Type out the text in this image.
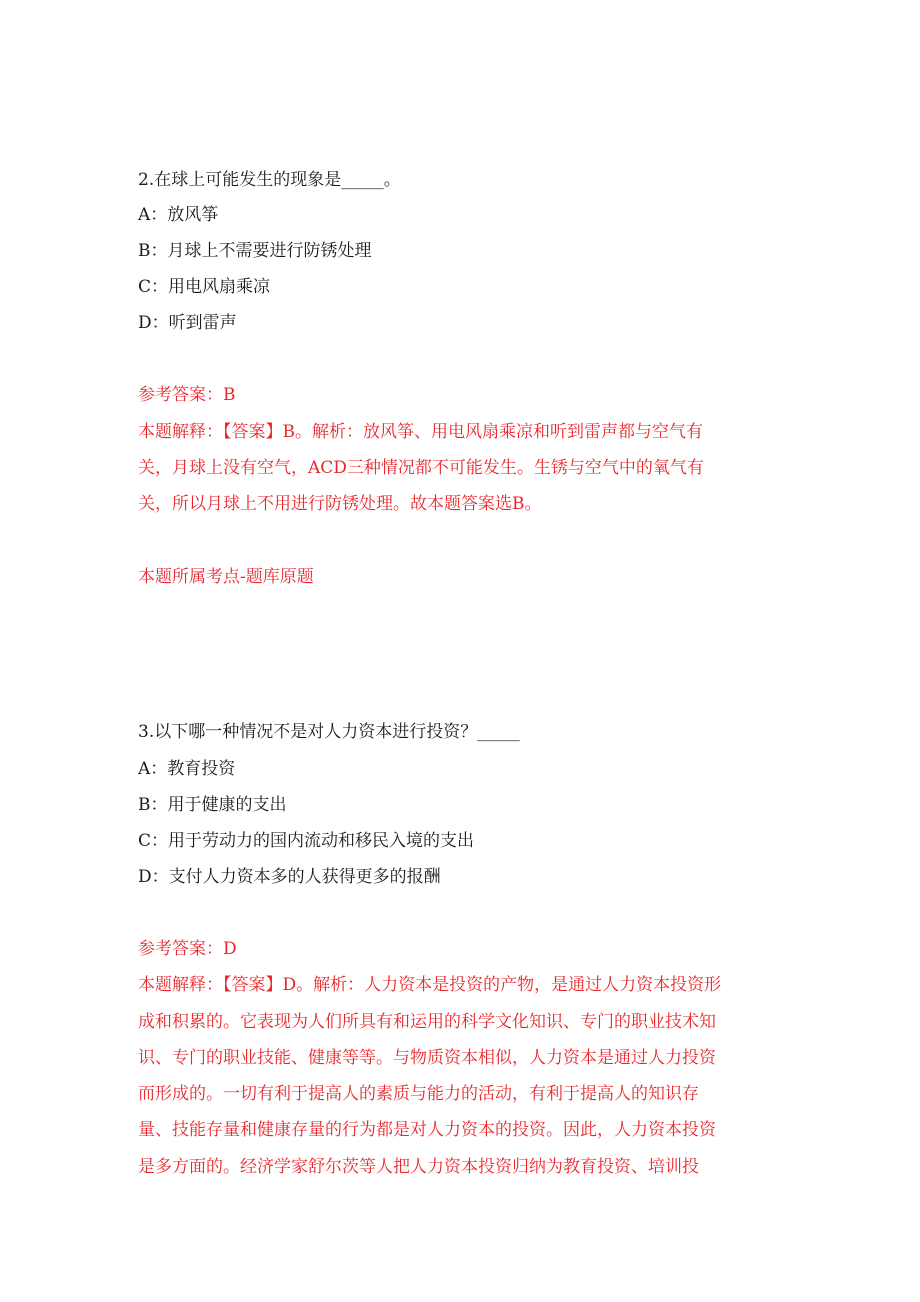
2.在球上可能发生的现象是_____。
A：放风筝
B：月球上不需要进行防锈处理
C：用电风扇乘凉
D：听到雷声
参考答案：B
本题解释：【答案】B。解析：放风筝、用电风扇乘凉和听到雷声都与空气有
关，月球上没有空气，ACD三种情况都不可能发生。生锈与空气中的氧气有
关，所以月球上不用进行防锈处理。故本题答案选B。
本题所属考点-题库原题
3.以下哪一种情况不是对人力资本进行投资？_____
A：教育投资
B：用于健康的支出
C：用于劳动力的国内流动和移民入境的支出
D：支付人力资本多的人获得更多的报酬
参考答案：D
本题解释：【答案】D。解析：人力资本是投资的产物，是通过人力资本投资形
成和积累的。它表现为人们所具有和运用的科学文化知识、专门的职业技术知
识、专门的职业技能、健康等等。与物质资本相似，人力资本是通过人力投资
而形成的。一切有利于提高人的素质与能力的活动，有利于提高人的知识存
量、技能存量和健康存量的行为都是对人力资本的投资。因此，人力资本投资
是多方面的。经济学家舒尔茨等人把人力资本投资归纳为教育投资、培训投
